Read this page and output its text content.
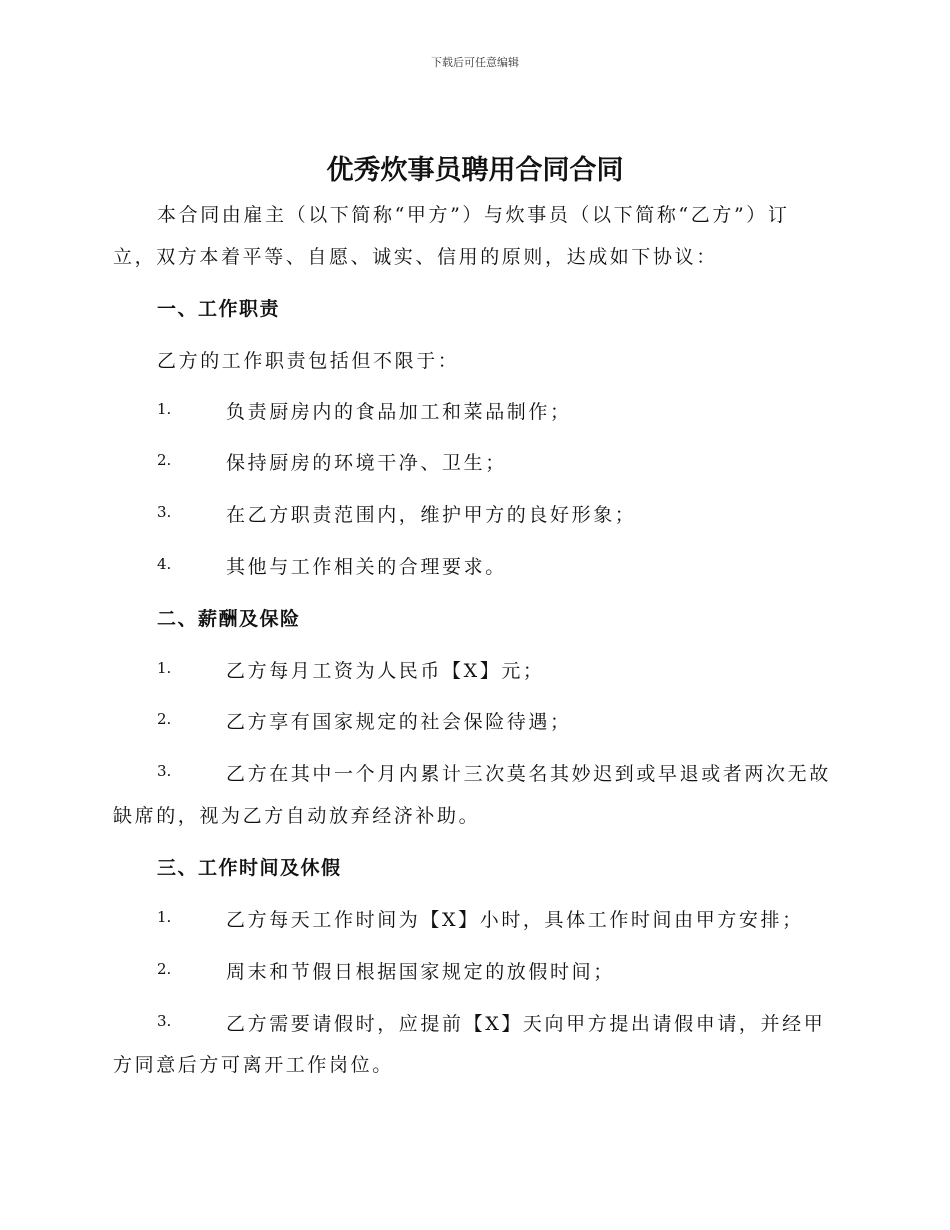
下载后可任意编辑
优秀炊事员聘用合同合同
本合同由雇主（以下简称“甲方”）与炊事员（以下简称“乙方”）订
立，双方本着平等、自愿、诚实、信用的原则，达成如下协议：
一、工作职责
乙方的工作职责包括但不限于：
1.	负责厨房内的食品加工和菜品制作；
2.	保持厨房的环境干净、卫生；
3.	在乙方职责范围内，维护甲方的良好形象；
4.	其他与工作相关的合理要求。
二、薪酬及保险
1.	乙方每月工资为人民币【X】元；
2.	乙方享有国家规定的社会保险待遇；
3.	乙方在其中一个月内累计三次莫名其妙迟到或早退或者两次无故
缺席的，视为乙方自动放弃经济补助。
三、工作时间及休假
1.	乙方每天工作时间为【X】小时，具体工作时间由甲方安排；
2.	周末和节假日根据国家规定的放假时间；
3.	乙方需要请假时，应提前【X】天向甲方提出请假申请，并经甲
方同意后方可离开工作岗位。
